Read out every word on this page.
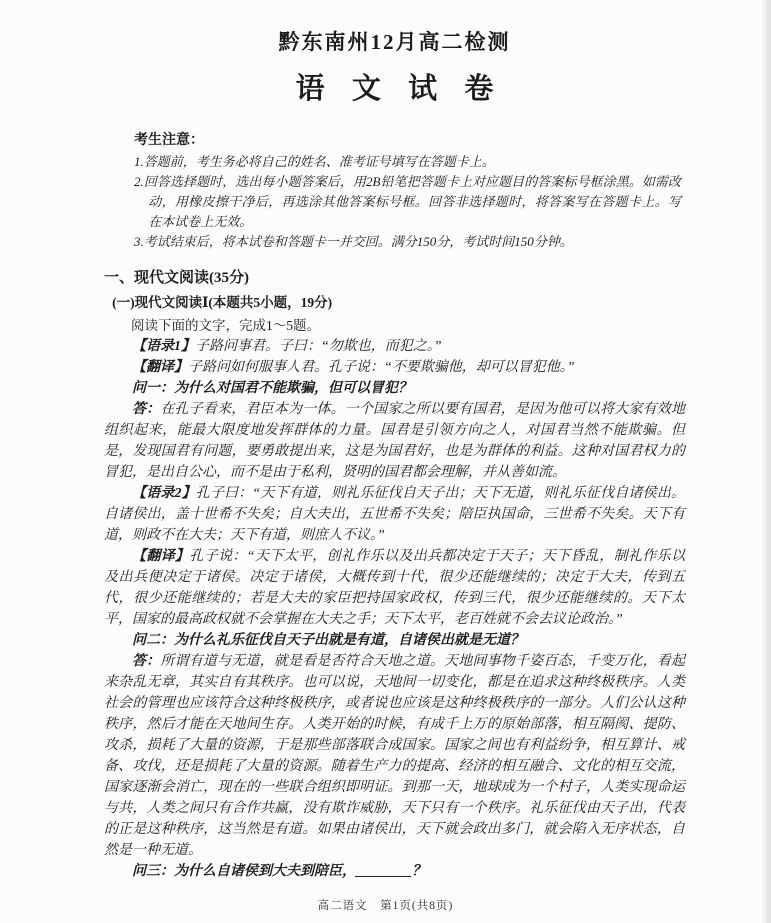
黔东南州12月高二检测
语 文 试 卷
考生注意：

1.答题前，考生务必将自己的姓名、准考证号填写在答题卡上。

2.回答选择题时，选出每小题答案后，用2B铅笔把答题卡上对应题目的答案标号框涂黑。如需改动，用橡皮擦干净后，再选涂其他答案标号框。回答非选择题时，将答案写在答题卡上。写在本试卷上无效。

3.考试结束后，将本试卷和答题卡一并交回。满分150分，考试时间150分钟。

一、现代文阅读(35分)
(一)现代文阅读Ⅰ(本题共5小题，19分)
阅读下面的文字，完成1～5题。

【语录1】子路问事君。子曰：“勿欺也，而犯之。”

【翻译】子路问如何服事人君。孔子说：“不要欺骗他，却可以冒犯他。”

问一：为什么对国君不能欺骗，但可以冒犯？

答：在孔子看来，君臣本为一体。一个国家之所以要有国君，是因为他可以将大家有效地组织起来，能最大限度地发挥群体的力量。国君是引领方向之人，对国君当然不能欺骗。但是，发现国君有问题，要勇敢提出来，这是为国君好，也是为群体的利益。这种对国君权力的冒犯，是出自公心，而不是由于私利，贤明的国君都会理解，并从善如流。

【语录2】孔子曰：“天下有道，则礼乐征伐自天子出；天下无道，则礼乐征伐自诸侯出。自诸侯出，盖十世希不失矣；自大夫出，五世希不失矣；陪臣执国命，三世希不失矣。天下有道，则政不在大夫；天下有道，则庶人不议。”

【翻译】孔子说：“天下太平，创礼作乐以及出兵都决定于天子；天下昏乱，制礼作乐以及出兵便决定于诸侯。决定于诸侯，大概传到十代，很少还能继续的；决定于大夫，传到五代，很少还能继续的；若是大夫的家臣把持国家政权，传到三代，很少还能继续的。天下太平，国家的最高政权就不会掌握在大夫之手；天下太平，老百姓就不会去议论政治。”

问二：为什么礼乐征伐自天子出就是有道，自诸侯出就是无道？

答：所谓有道与无道，就是看是否符合天地之道。天地间事物千姿百态，千变万化，看起来杂乱无章，其实自有其秩序。也可以说，天地间一切变化，都是在追求这种终极秩序。人类社会的管理也应该符合这种终极秩序，或者说也应该是这种终极秩序的一部分。人们公认这种秩序，然后才能在天地间生存。人类开始的时候，有成千上万的原始部落，相互隔阂、提防、攻杀，损耗了大量的资源，于是那些部落联合成国家。国家之间也有利益纷争，相互算计、戒备、攻伐，还是损耗了大量的资源。随着生产力的提高、经济的相互融合、文化的相互交流，国家逐渐会消亡，现在的一些联合组织即明证。到那一天，地球成为一个村子，人类实现命运与共，人类之间只有合作共赢，没有欺诈威胁，天下只有一个秩序。礼乐征伐由天子出，代表的正是这种秩序，这当然是有道。如果由诸侯出，天下就会政出多门，就会陷入无序状态，自然是一种无道。

问三：为什么自诸侯到大夫到陪臣，________？

高二语文　第1页(共8页)
